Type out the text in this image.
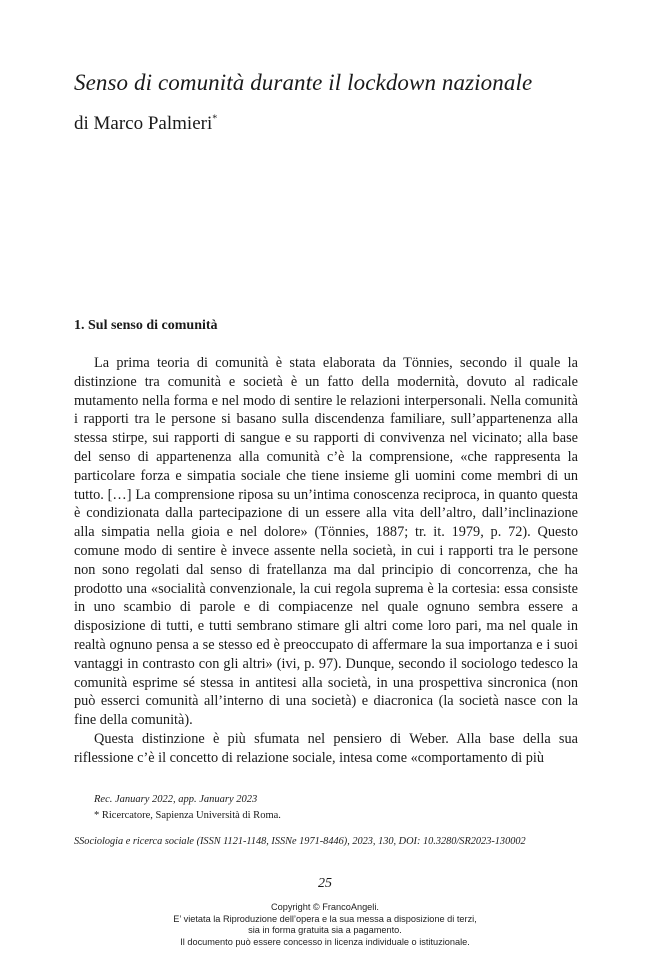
Senso di comunità durante il lockdown nazionale
di Marco Palmieri*
1. Sul senso di comunità

La prima teoria di comunità è stata elaborata da Tönnies, secondo il quale la distinzione tra comunità e società è un fatto della modernità, dovuto al radicale mutamento nella forma e nel modo di sentire le relazioni interpersonali. Nella comunità i rapporti tra le persone si basano sulla discendenza familiare, sull’appartenenza alla stessa stirpe, sui rapporti di sangue e su rapporti di convivenza nel vicinato; alla base del senso di appartenenza alla comunità c’è la comprensione, «che rappresenta la particolare forza e simpatia sociale che tiene insieme gli uomini come membri di un tutto. […] La comprensione riposa su un’intima conoscenza reciproca, in quanto questa è condizionata dalla partecipazione di un essere alla vita dell’altro, dall’inclinazione alla simpatia nella gioia e nel dolore» (Tönnies, 1887; tr. it. 1979, p. 72). Questo comune modo di sentire è invece assente nella società, in cui i rapporti tra le persone non sono regolati dal senso di fratellanza ma dal principio di concorrenza, che ha prodotto una «socialità convenzionale, la cui regola suprema è la cortesia: essa consiste in uno scambio di parole e di compiacenze nel quale ognuno sembra essere a disposizione di tutti, e tutti sembrano stimare gli altri come loro pari, ma nel quale in realtà ognuno pensa a se stesso ed è preoccupato di affermare la sua importanza e i suoi vantaggi in contrasto con gli altri» (ivi, p. 97). Dunque, secondo il sociologo tedesco la comunità esprime sé stessa in antitesi alla società, in una prospettiva sincronica (non può esserci comunità all’interno di una società) e diacronica (la società nasce con la fine della comunità).

Questa distinzione è più sfumata nel pensiero di Weber. Alla base della sua riflessione c’è il concetto di relazione sociale, intesa come «comportamento di più

Rec. January 2022, app. January 2023
* Ricercatore, Sapienza Università di Roma.
SSociologia e ricerca sociale (ISSN 1121-1148, ISSNe 1971-8446), 2023, 130, DOI: 10.3280/SR2023-130002
25
Copyright © FrancoAngeli.
E’ vietata la Riproduzione dell’opera e la sua messa a disposizione di terzi,
sia in forma gratuita sia a pagamento.
Il documento può essere concesso in licenza individuale o istituzionale.
